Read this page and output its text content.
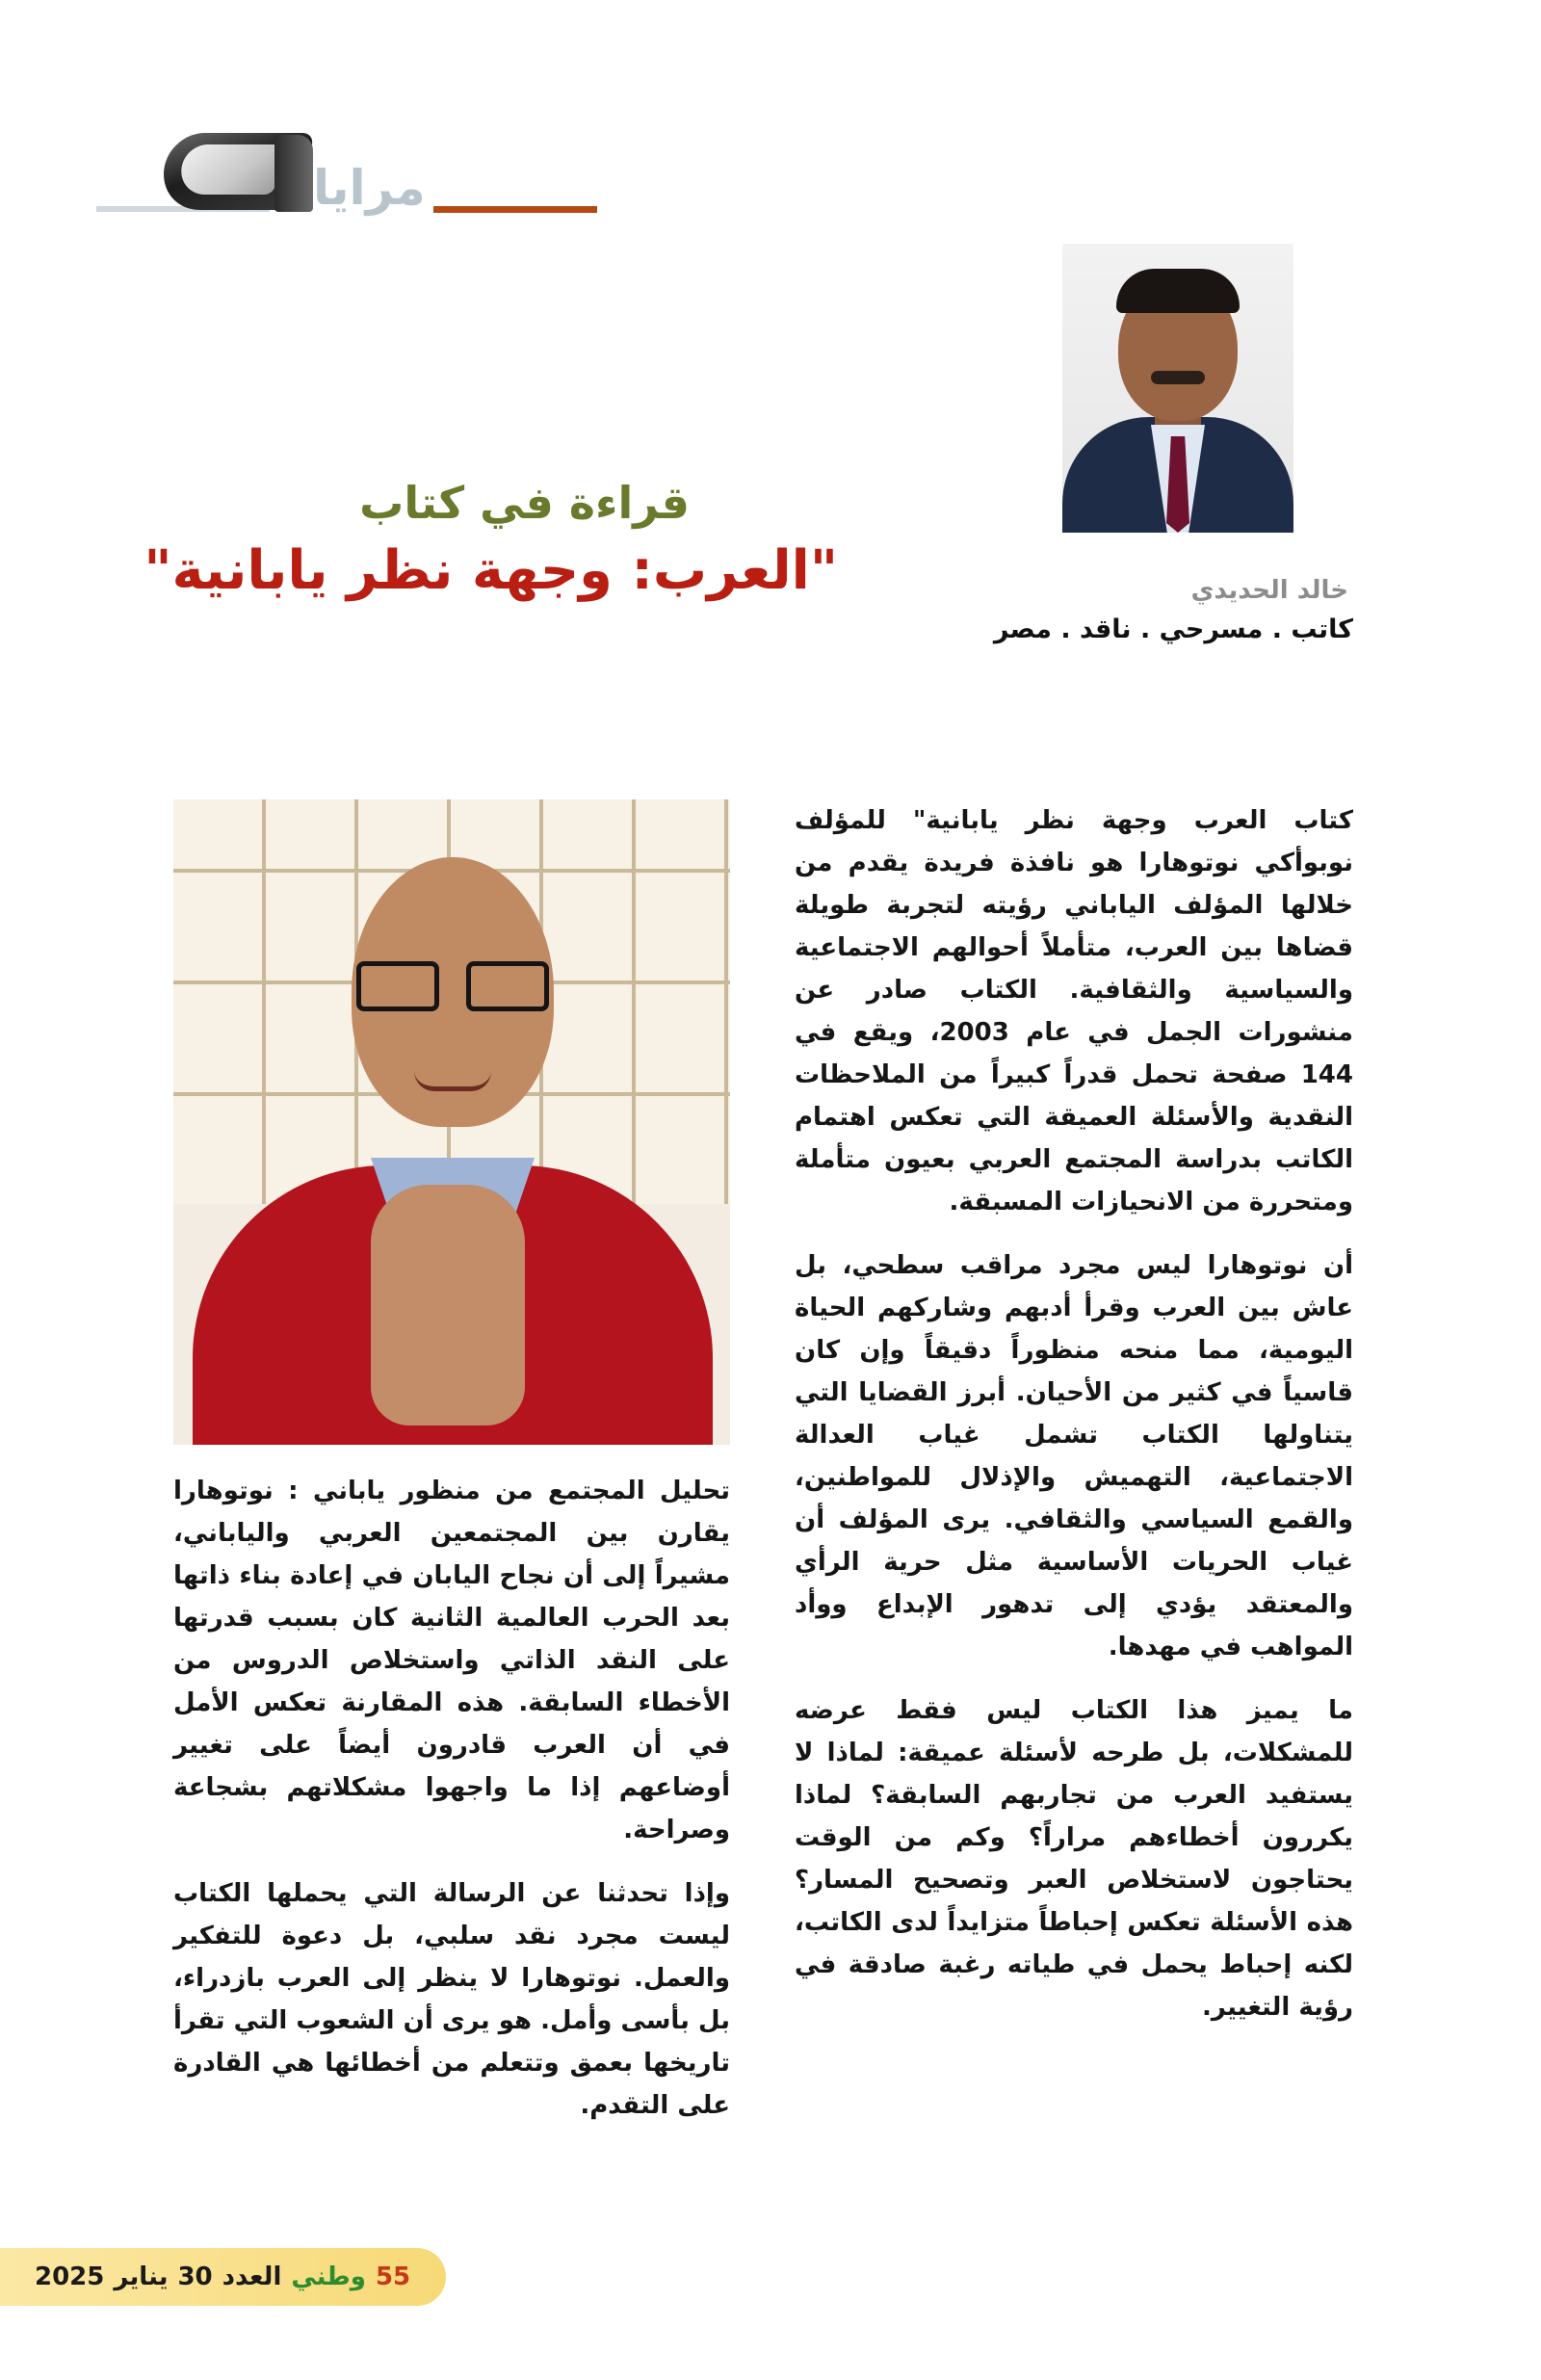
مرايا
خالد الحديدي
كاتب . مسرحي . ناقد . مصر
قراءة في كتاب
"العرب: وجهة نظر يابانية"

كتاب العرب وجهة نظر يابانية" للمؤلف نوبوأكي نوتوهارا هو نافذة فريدة يقدم من خلالها المؤلف الياباني رؤيته لتجربة طويلة قضاها بين العرب، متأملاً أحوالهم الاجتماعية والسياسية والثقافية. الكتاب صادر عن منشورات الجمل في عام 2003، ويقع في 144 صفحة تحمل قدراً كبيراً من الملاحظات النقدية والأسئلة العميقة التي تعكس اهتمام الكاتب بدراسة المجتمع العربي بعيون متأملة ومتحررة من الانحيازات المسبقة.

أن نوتوهارا ليس مجرد مراقب سطحي، بل عاش بين العرب وقرأ أدبهم وشاركهم الحياة اليومية، مما منحه منظوراً دقيقاً وإن كان قاسياً في كثير من الأحيان. أبرز القضايا التي يتناولها الكتاب تشمل غياب العدالة الاجتماعية، التهميش والإذلال للمواطنين، والقمع السياسي والثقافي. يرى المؤلف أن غياب الحريات الأساسية مثل حرية الرأي والمعتقد يؤدي إلى تدهور الإبداع ووأد المواهب في مهدها.

ما يميز هذا الكتاب ليس فقط عرضه للمشكلات، بل طرحه لأسئلة عميقة: لماذا لا يستفيد العرب من تجاربهم السابقة؟ لماذا يكررون أخطاءهم مراراً؟ وكم من الوقت يحتاجون لاستخلاص العبر وتصحيح المسار؟ هذه الأسئلة تعكس إحباطاً متزايداً لدى الكاتب، لكنه إحباط يحمل في طياته رغبة صادقة في رؤية التغيير.

تحليل المجتمع من منظور ياباني : نوتوهارا يقارن بين المجتمعين العربي والياباني، مشيراً إلى أن نجاح اليابان في إعادة بناء ذاتها بعد الحرب العالمية الثانية كان بسبب قدرتها على النقد الذاتي واستخلاص الدروس من الأخطاء السابقة. هذه المقارنة تعكس الأمل في أن العرب قادرون أيضاً على تغيير أوضاعهم إذا ما واجهوا مشكلاتهم بشجاعة وصراحة.

وإذا تحدثنا عن الرسالة التي يحملها الكتاب ليست مجرد نقد سلبي، بل دعوة للتفكير والعمل. نوتوهارا لا ينظر إلى العرب بازدراء، بل بأسى وأمل. هو يرى أن الشعوب التي تقرأ تاريخها بعمق وتتعلم من أخطائها هي القادرة على التقدم.

2025 يناير 30 العدد وطني 55
